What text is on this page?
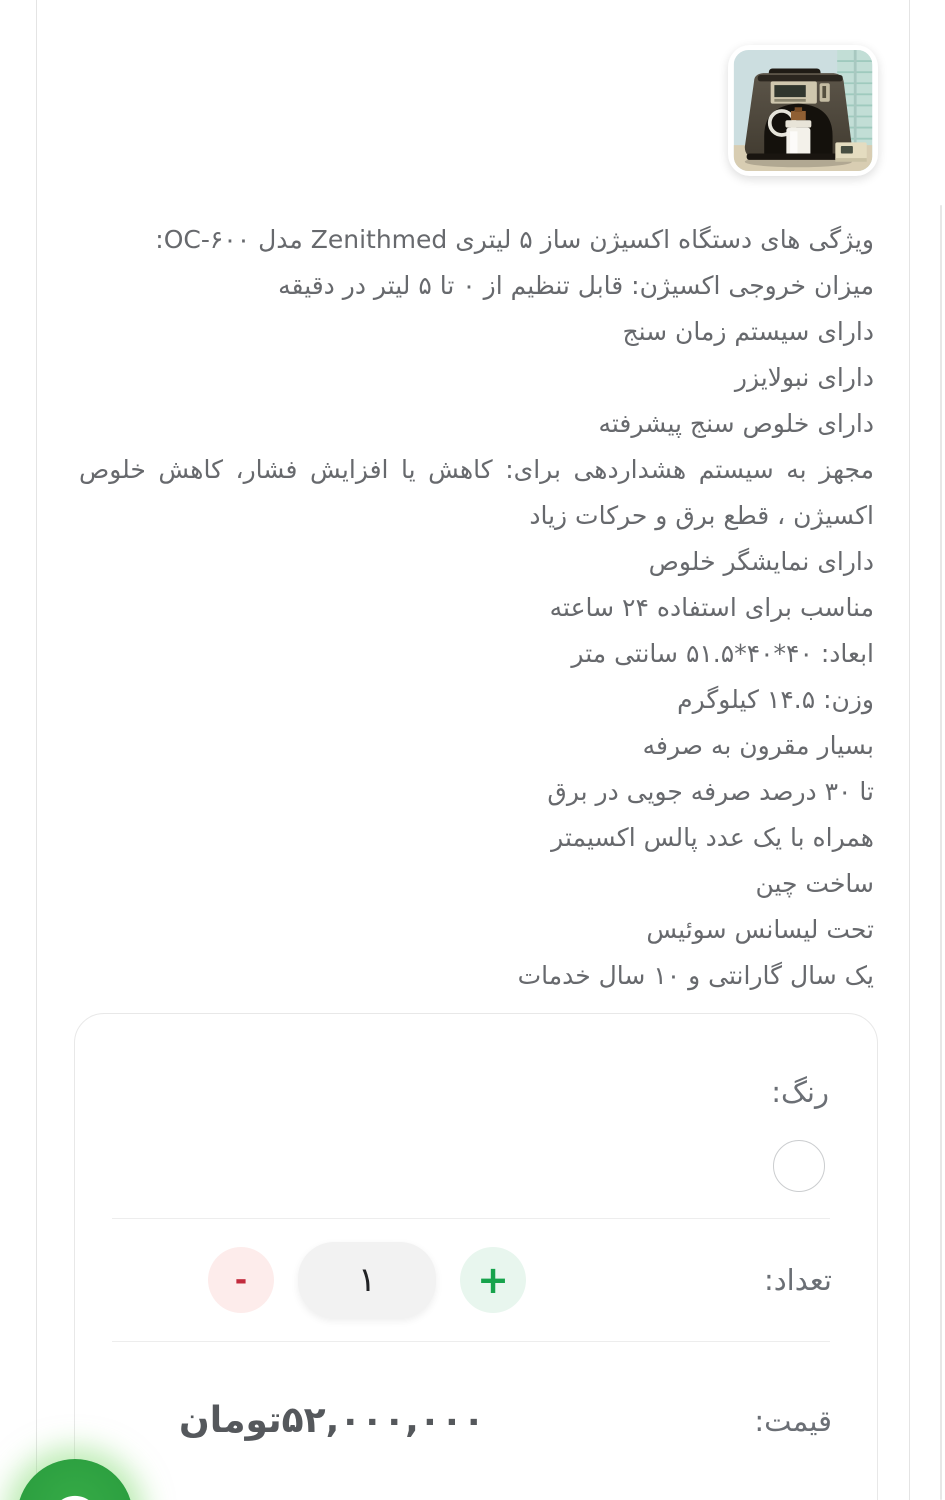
ویژگی های دستگاه اکسیژن ساز ۵ لیتری Zenithmed مدل OC-۶۰۰:
میزان خروجی اکسیژن: قابل تنظیم از ۰ تا ۵ لیتر در دقیقه
دارای سیستم زمان سنج
دارای نبولایزر
دارای خلوص سنج پیشرفته
مجهز به سیستم هشداردهی برای: کاهش یا افزایش فشار، کاهش خلوص
اکسیژن ، قطع برق و حرکات زیاد
دارای نمایشگر خلوص
مناسب برای استفاده ۲۴ ساعته
ابعاد: ۴۰*۴۰*۵۱.۵ سانتی متر
وزن: ۱۴.۵ کیلوگرم
بسیار مقرون به صرفه
تا ۳۰ درصد صرفه جویی در برق
همراه با یک عدد پالس اکسیمتر
ساخت چین
تحت لیسانس سوئیس
یک سال گارانتی و ۱۰ سال خدمات
رنگ:
تعداد:
-	۱	+
قیمت:
۵۲,۰۰۰,۰۰۰تومان
